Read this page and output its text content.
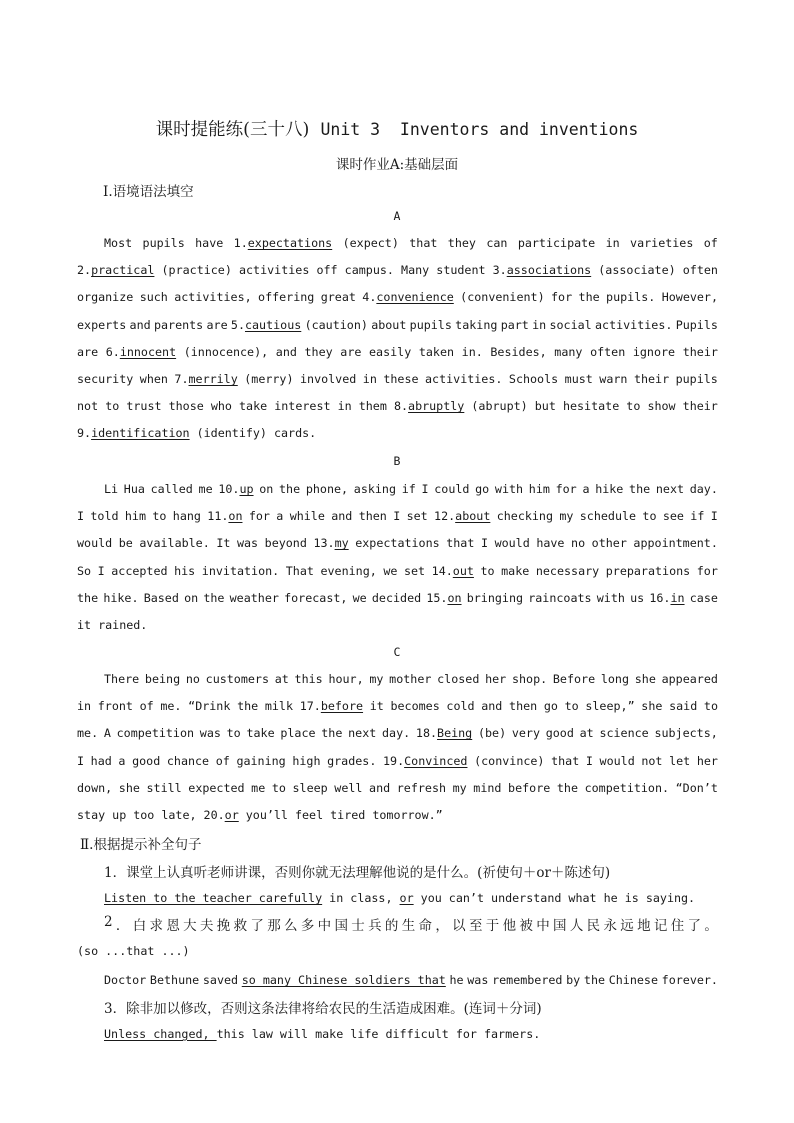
课时提能练(三十八) Unit 3  Inventors and inventions
课时作业A:基础层面
Ⅰ.语境语法填空
A
Most pupils have 1.expectations (expect) that they can participate in varieties of
2.practical (practice) activities off campus. Many student 3.associations (associate) often
organize such activities, offering great 4.convenience (convenient) for the pupils. However,
experts and parents are 5.cautious (caution) about pupils taking part in social activities. Pupils
are 6.innocent (innocence), and they are easily taken in. Besides, many often ignore their
security when 7.merrily (merry) involved in these activities. Schools must warn their pupils
not to trust those who take interest in them 8.abruptly (abrupt) but hesitate to show their
9.identification (identify) cards.
B
Li Hua called me 10.up on the phone, asking if I could go with him for a hike the next day.
I told him to hang 11.on for a while and then I set 12.about checking my schedule to see if I
would be available. It was beyond 13.my expectations that I would have no other appointment.
So I accepted his invitation. That evening, we set 14.out to make necessary preparations for
the hike. Based on the weather forecast, we decided 15.on bringing raincoats with us 16.in case
it rained.
C
There being no customers at this hour, my mother closed her shop. Before long she appeared
in front of me. “Drink the milk 17.before it becomes cold and then go to sleep,” she said to
me. A competition was to take place the next day. 18.Being (be) very good at science subjects,
I had a good chance of gaining high grades. 19.Convinced (convince) that I would not let her
down, she still expected me to sleep well and refresh my mind before the competition. “Don’t
stay up too late, 20.or you’ll feel tired tomorrow.”
Ⅱ.根据提示补全句子
1．课堂上认真听老师讲课，否则你就无法理解他说的是什么。(祈使句＋or＋陈述句)
Listen to the teacher carefully in class, or you can’t understand what he is saying.
2 ． 白 求 恩 大 夫 挽 救 了 那 么 多 中 国 士 兵 的 生 命 ， 以 至 于 他 被 中 国 人 民 永 远 地 记 住 了 。
(so ...that ...)
Doctor Bethune saved so many Chinese soldiers that he was remembered by the Chinese forever.
3．除非加以修改，否则这条法律将给农民的生活造成困难。(连词＋分词)
Unless changed, this law will make life difficult for farmers.
